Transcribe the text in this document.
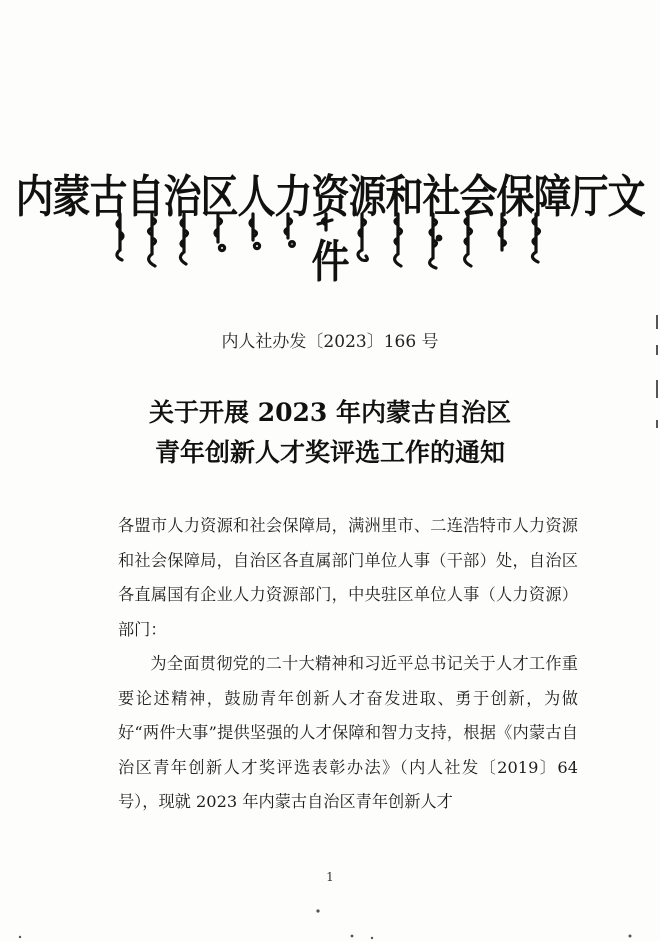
内蒙古自治区人力资源和社会保障厅文件
内人社办发〔2023〕166 号
关于开展 2023 年内蒙古自治区
青年创新人才奖评选工作的通知

各盟市人力资源和社会保障局，满洲里市、二连浩特市人力资源和社会保障局，自治区各直属部门单位人事（干部）处，自治区各直属国有企业人力资源部门，中央驻区单位人事（人力资源）部门：

为全面贯彻党的二十大精神和习近平总书记关于人才工作重要论述精神，鼓励青年创新人才奋发进取、勇于创新，为做好“两件大事”提供坚强的人才保障和智力支持，根据《内蒙古自治区青年创新人才奖评选表彰办法》（内人社发〔2019〕64 号），现就 2023 年内蒙古自治区青年创新人才

1
